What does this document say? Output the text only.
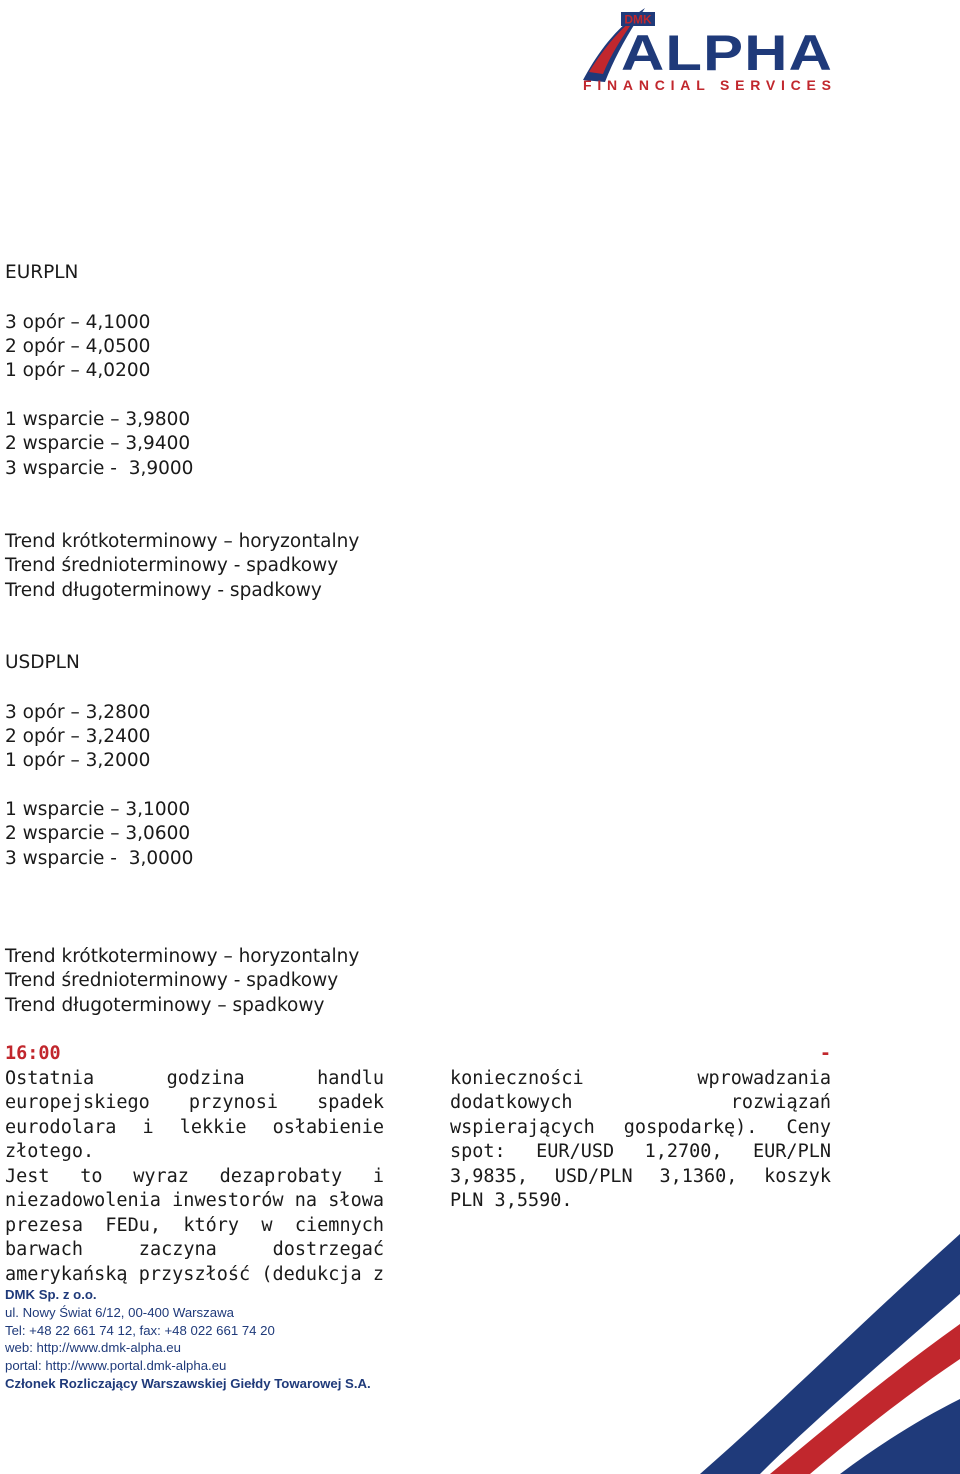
DMK
ALPHA
FINANCIAL SERVICES
EURPLN
3 opór – 4,1000
2 opór – 4,0500
1 opór – 4,0200
1 wsparcie – 3,9800
2 wsparcie – 3,9400
3 wsparcie -  3,9000
Trend krótkoterminowy – horyzontalny
Trend średnioterminowy - spadkowy
Trend długoterminowy - spadkowy
USDPLN
3 opór – 3,2800
2 opór – 3,2400
1 opór – 3,2000
1 wsparcie – 3,1000
2 wsparcie – 3,0600
3 wsparcie -  3,0000
Trend krótkoterminowy – horyzontalny
Trend średnioterminowy - spadkowy
Trend długoterminowy – spadkowy
16:00
Ostatnia godzina handlu
europejskiego przynosi spadek
eurodolara i lekkie osłabienie złotego.
Jest to wyraz dezaprobaty i
niezadowolenia inwestorów na słowa
prezesa FEDu, który w ciemnych
barwach zaczyna dostrzegać
amerykańską przyszłość (dedukcja z
-
konieczności wprowadzania
dodatkowych rozwiązań
wspierających gospodarkę). Ceny
spot: EUR/USD 1,2700, EUR/PLN
3,9835, USD/PLN 3,1360, koszyk
PLN 3,5590.
DMK Sp. z o.o.
ul. Nowy Świat 6/12, 00-400 Warszawa
Tel: +48 22 661 74 12, fax: +48 022 661 74 20
web: http://www.dmk-alpha.eu
portal: http://www.portal.dmk-alpha.eu
Członek Rozliczający Warszawskiej Giełdy Towarowej S.A.
